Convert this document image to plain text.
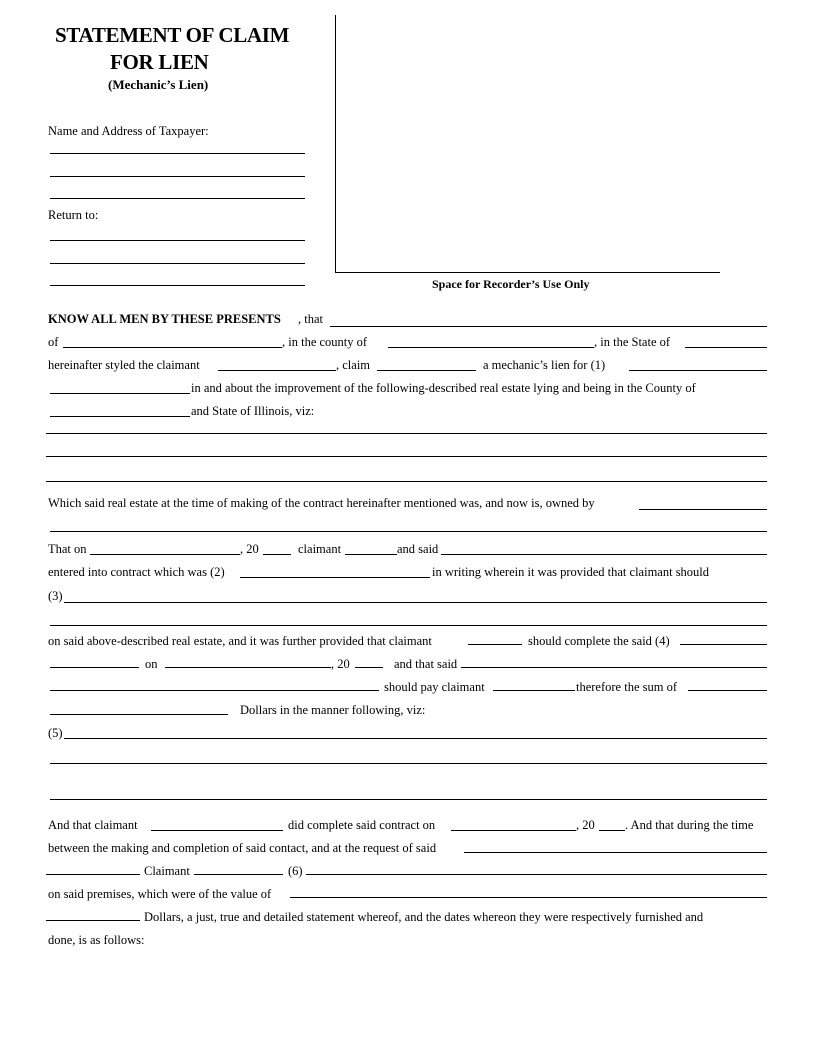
STATEMENT OF CLAIM
FOR LIEN
(Mechanic’s Lien)
Name and Address of Taxpayer:
Return to:
Space for Recorder’s Use Only
KNOW ALL MEN BY THESE PRESENTS , that
of	, in the county of	, in the State of
hereinafter styled the claimant	, claim	a mechanic’s lien for (1)
in and about the improvement of the following-described real estate lying and being in the County of
and State of Illinois, viz:
Which said real estate at the time of making of the contract hereinafter mentioned was, and now is, owned by
That on	, 20	claimant	and said
entered into contract which was (2)	in writing wherein it was provided that claimant should
(3)
on said above-described real estate, and it was further provided that claimant	should complete the said (4)
on	, 20	and that said
should pay claimant	therefore the sum of
Dollars in the manner following, viz:
(5)
And that claimant	did complete said contract on	, 20 . And that during the time
between the making and completion of said contact, and at the request of said
Claimant	(6)
on said premises, which were of the value of
Dollars, a just, true and detailed statement whereof, and the dates whereon they were respectively furnished and
done, is as follows:
